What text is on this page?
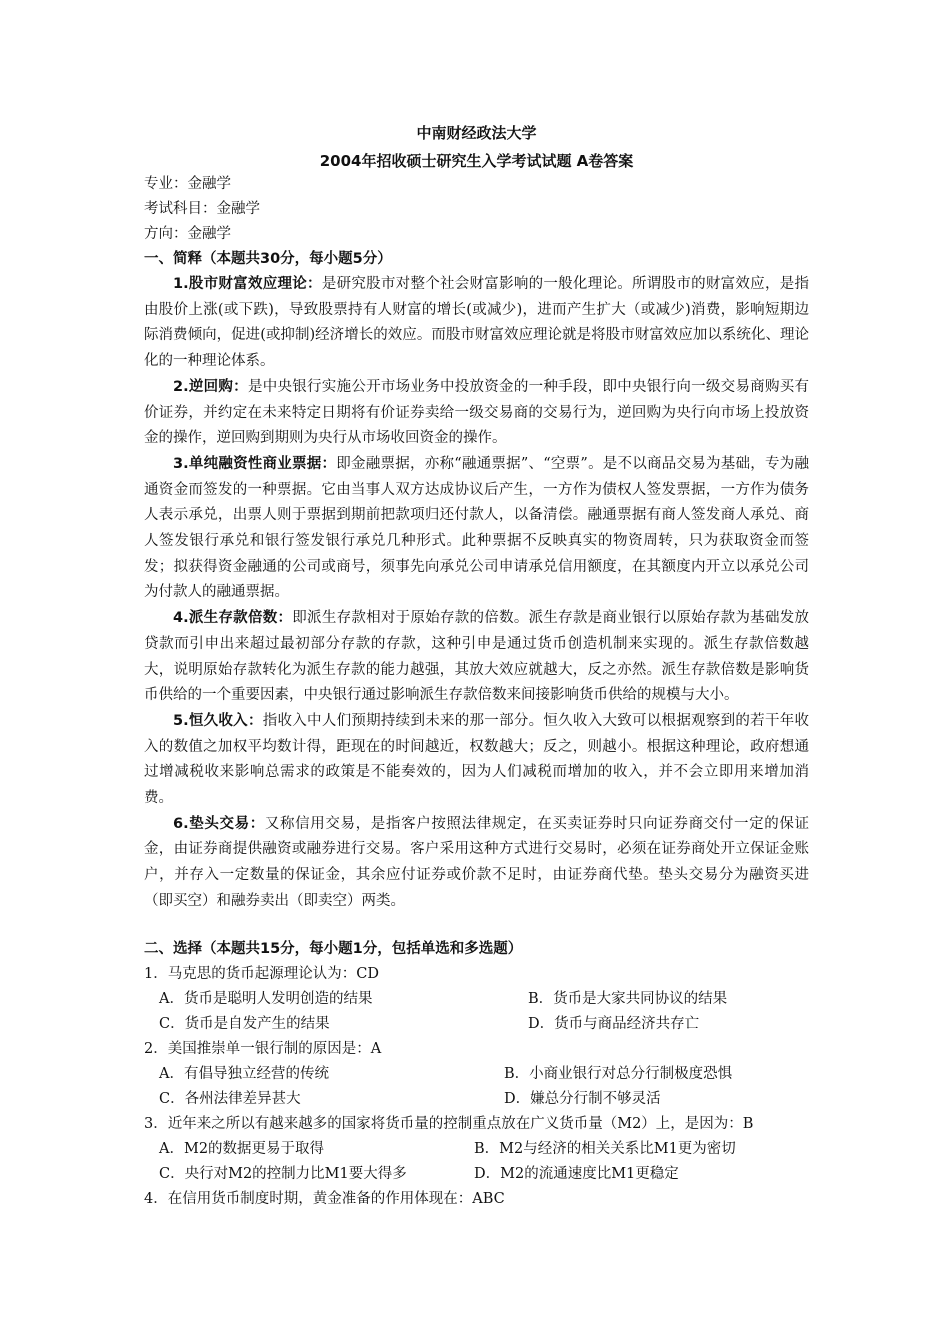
中南财经政法大学
2004年招收硕士研究生入学考试试题 A卷答案
专业：金融学
考试科目：金融学
方向：金融学
一、简释（本题共30分，每小题5分）
1.股市财富效应理论：是研究股市对整个社会财富影响的一般化理论。所谓股市的财富效应，是指由股价上涨(或下跌)，导致股票持有人财富的增长(或减少)，进而产生扩大（或减少)消费，影响短期边际消费倾向，促进(或抑制)经济增长的效应。而股市财富效应理论就是将股市财富效应加以系统化、理论化的一种理论体系。
2.逆回购：是中央银行实施公开市场业务中投放资金的一种手段，即中央银行向一级交易商购买有价证券，并约定在未来特定日期将有价证券卖给一级交易商的交易行为，逆回购为央行向市场上投放资金的操作，逆回购到期则为央行从市场收回资金的操作。
3.单纯融资性商业票据：即金融票据，亦称“融通票据”、“空票”。是不以商品交易为基础，专为融通资金而签发的一种票据。它由当事人双方达成协议后产生，一方作为债权人签发票据，一方作为债务人表示承兑，出票人则于票据到期前把款项归还付款人，以备清偿。融通票据有商人签发商人承兑、商人签发银行承兑和银行签发银行承兑几种形式。此种票据不反映真实的物资周转，只为获取资金而签发；拟获得资金融通的公司或商号，须事先向承兑公司申请承兑信用额度，在其额度内开立以承兑公司为付款人的融通票据。
4.派生存款倍数：即派生存款相对于原始存款的倍数。派生存款是商业银行以原始存款为基础发放贷款而引申出来超过最初部分存款的存款，这种引申是通过货币创造机制来实现的。派生存款倍数越大，说明原始存款转化为派生存款的能力越强，其放大效应就越大，反之亦然。派生存款倍数是影响货币供给的一个重要因素，中央银行通过影响派生存款倍数来间接影响货币供给的规模与大小。
5.恒久收入：指收入中人们预期持续到未来的那一部分。恒久收入大致可以根据观察到的若干年收入的数值之加权平均数计得，距现在的时间越近，权数越大；反之，则越小。根据这种理论，政府想通过增减税收来影响总需求的政策是不能奏效的，因为人们减税而增加的收入，并不会立即用来增加消费。
6.垫头交易：又称信用交易，是指客户按照法律规定，在买卖证券时只向证券商交付一定的保证金，由证券商提供融资或融券进行交易。客户采用这种方式进行交易时，必须在证券商处开立保证金账户，并存入一定数量的保证金，其余应付证券或价款不足时，由证券商代垫。垫头交易分为融资买进（即买空）和融券卖出（即卖空）两类。
二、选择（本题共15分，每小题1分，包括单选和多选题）
1．马克思的货币起源理论认为：CD
A．货币是聪明人发明创造的结果	B．货币是大家共同协议的结果
C．货币是自发产生的结果	D．货币与商品经济共存亡
2．美国推崇单一银行制的原因是：A
A．有倡导独立经营的传统	B．小商业银行对总分行制极度恐惧
C．各州法律差异甚大	D．嫌总分行制不够灵活
3．近年来之所以有越来越多的国家将货币量的控制重点放在广义货币量（M2）上，是因为：B
A．M2的数据更易于取得	B．M2与经济的相关关系比M1更为密切
C．央行对M2的控制力比M1要大得多	D．M2的流通速度比M1更稳定
4．在信用货币制度时期，黄金准备的作用体现在：ABC
